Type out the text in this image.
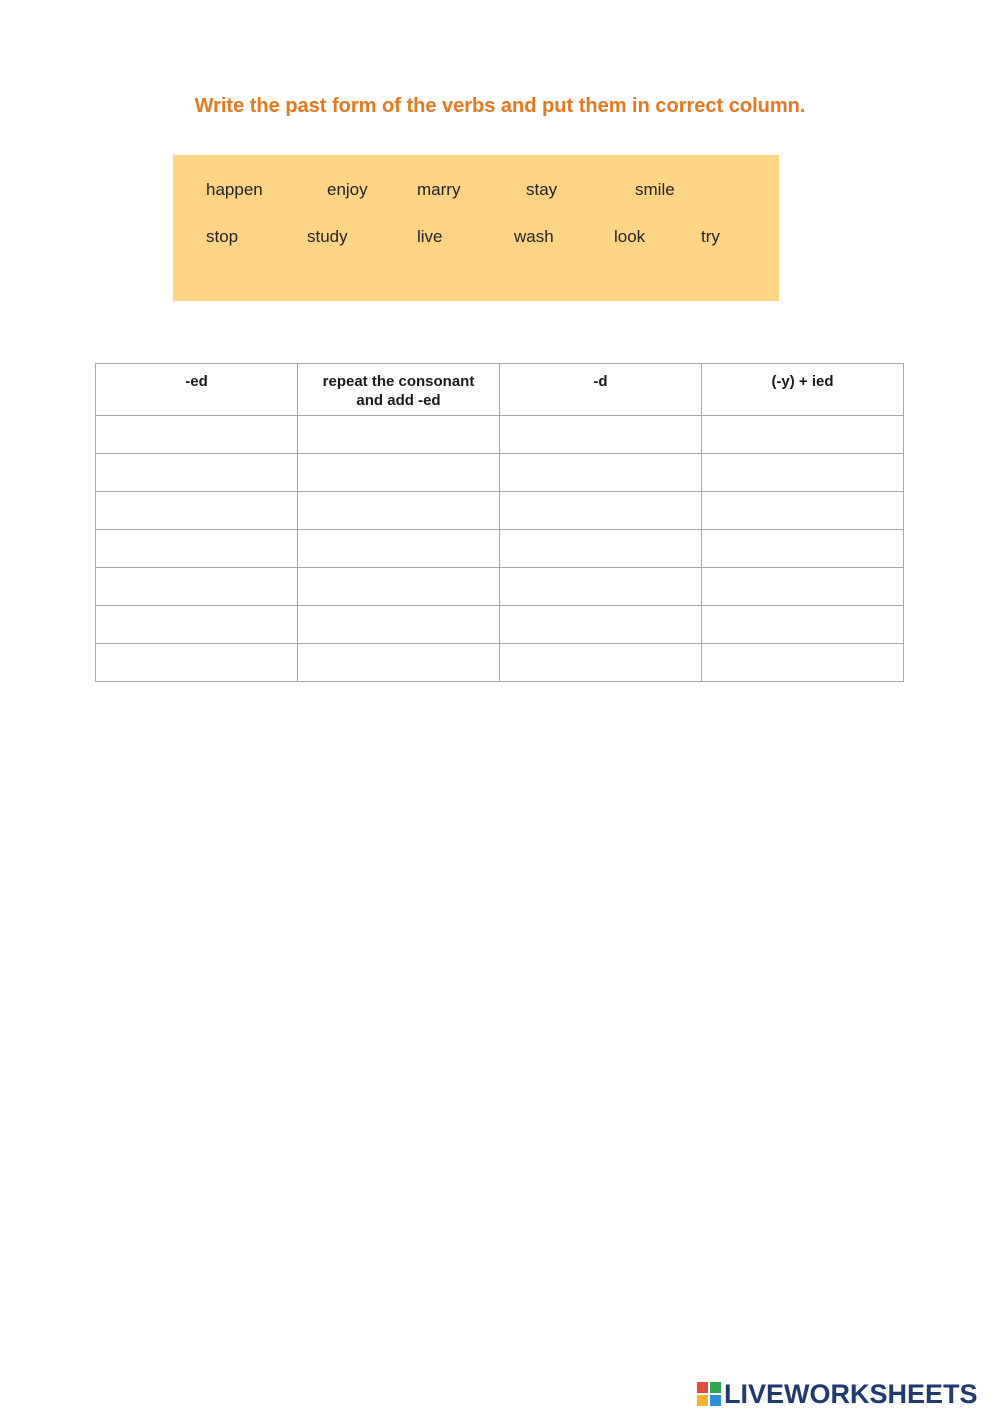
Write the past form of the verbs and put them in correct column.
happen	enjoy	marry	stay	smile
stop	study	live	wash	look	try
-ed	repeat the consonant
and add -ed	-d	(-y) + ied

LIVEWORKSHEETS
